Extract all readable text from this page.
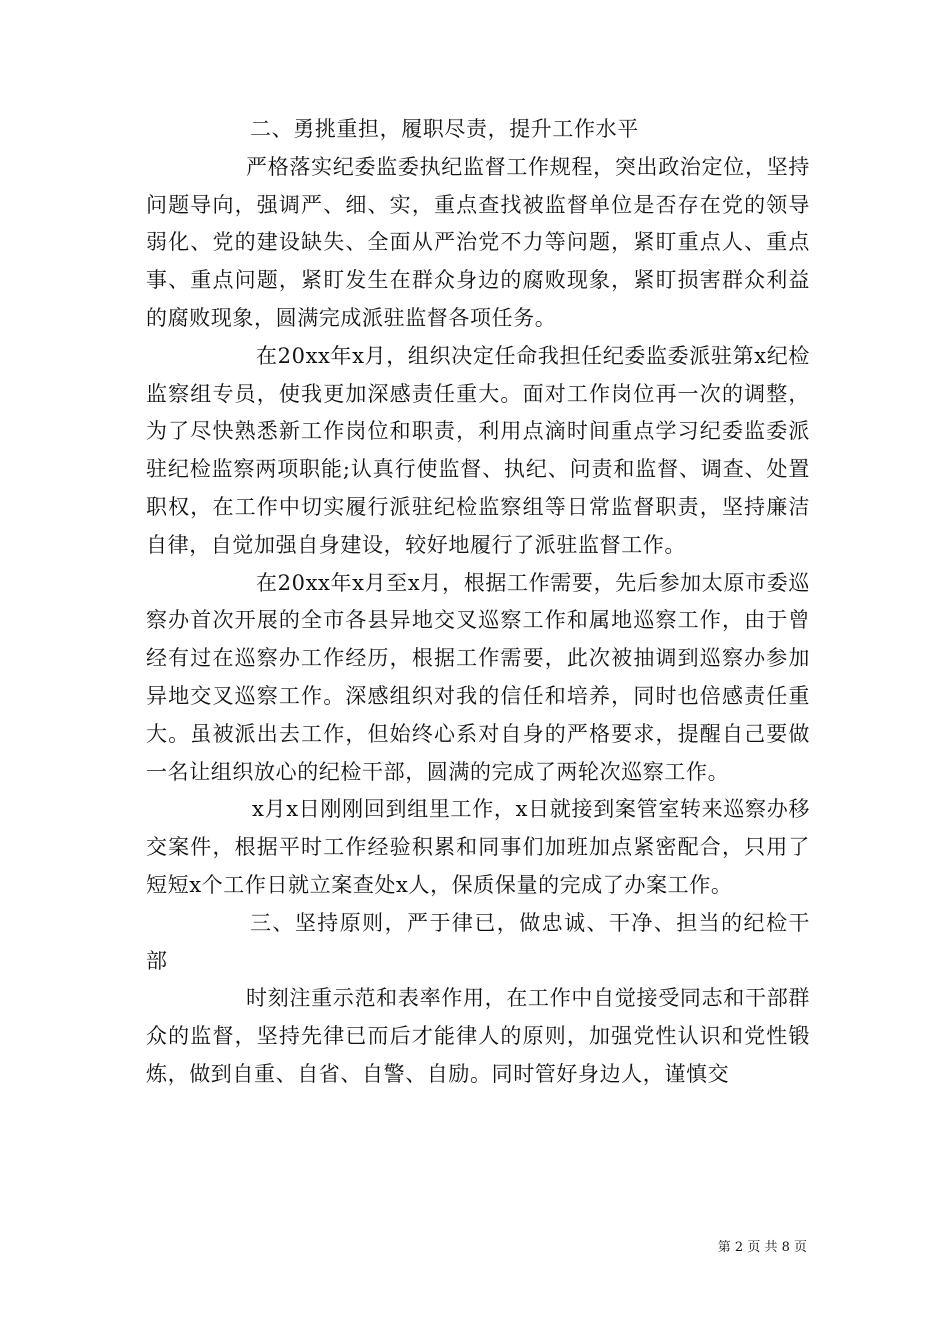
二、勇挑重担，履职尽责，提升工作水平

严格落实纪委监委执纪监督工作规程，突出政治定位，坚持问题导向，强调严、细、实，重点查找被监督单位是否存在党的领导弱化、党的建设缺失、全面从严治党不力等问题，紧盯重点人、重点事、重点问题，紧盯发生在群众身边的腐败现象，紧盯损害群众利益的腐败现象，圆满完成派驻监督各项任务。

在20xx年x月，组织决定任命我担任纪委监委派驻第x纪检监察组专员，使我更加深感责任重大。面对工作岗位再一次的调整，为了尽快熟悉新工作岗位和职责，利用点滴时间重点学习纪委监委派驻纪检监察两项职能;认真行使监督、执纪、问责和监督、调查、处置职权，在工作中切实履行派驻纪检监察组等日常监督职责，坚持廉洁自律，自觉加强自身建设，较好地履行了派驻监督工作。

在20xx年x月至x月，根据工作需要，先后参加太原市委巡察办首次开展的全市各县异地交叉巡察工作和属地巡察工作，由于曾经有过在巡察办工作经历，根据工作需要，此次被抽调到巡察办参加异地交叉巡察工作。深感组织对我的信任和培养，同时也倍感责任重大。虽被派出去工作，但始终心系对自身的严格要求，提醒自己要做一名让组织放心的纪检干部，圆满的完成了两轮次巡察工作。

x月x日刚刚回到组里工作，x日就接到案管室转来巡察办移交案件，根据平时工作经验积累和同事们加班加点紧密配合，只用了短短x个工作日就立案查处x人，保质保量的完成了办案工作。

三、坚持原则，严于律已，做忠诚、干净、担当的纪检干部

时刻注重示范和表率作用，在工作中自觉接受同志和干部群众的监督，坚持先律已而后才能律人的原则，加强党性认识和党性锻炼，做到自重、自省、自警、自励。同时管好身边人，谨慎交

第 2 页 共 8 页
